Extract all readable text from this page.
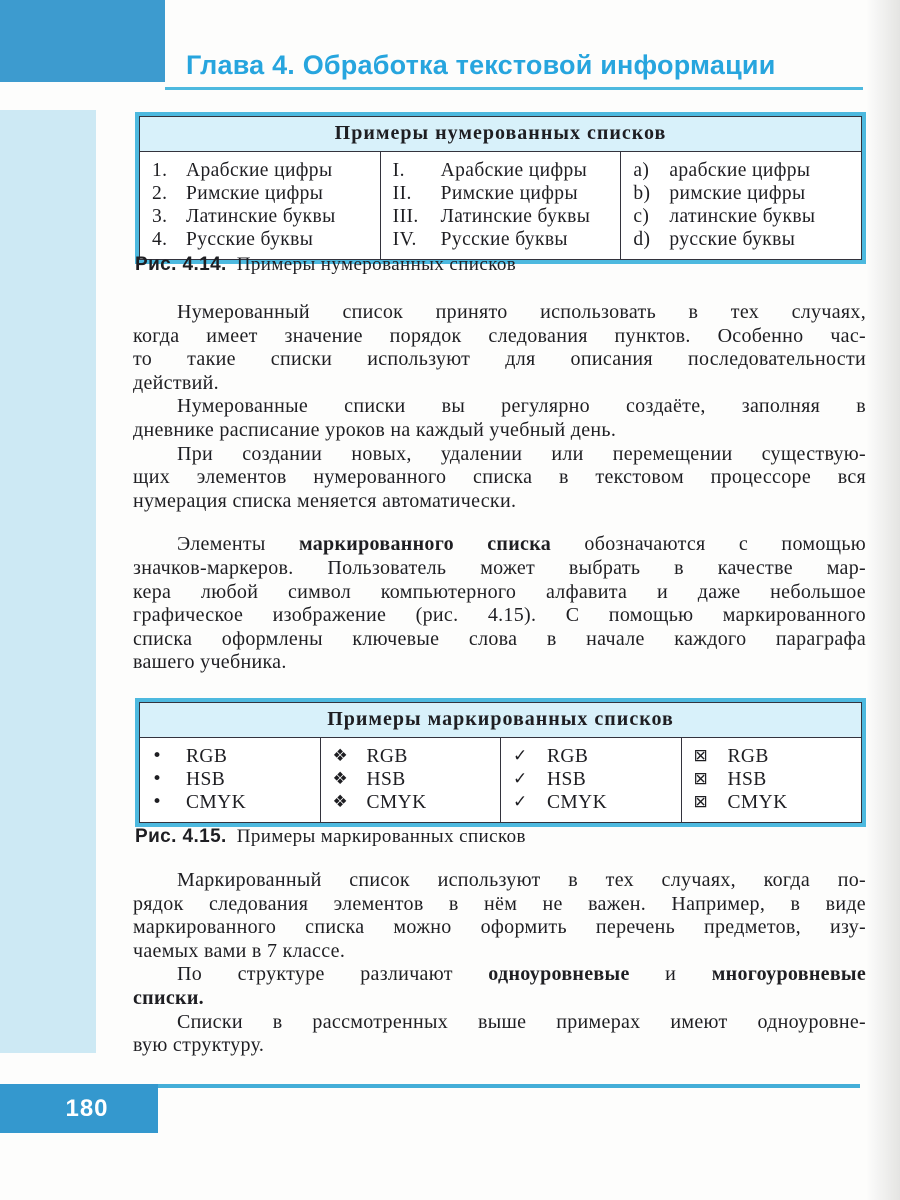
Глава 4. Обработка текстовой информации
Примеры нумерованных списков
1. Арабские цифры
2. Римские цифры
3. Латинские буквы
4. Русские буквы
I.	Арабские цифры
II.	Римские цифры
III.	Латинские буквы
IV.	Русские буквы
a)	арабские цифры
b) римские цифры
c)	латинские буквы
d) русские буквы
Рис. 4.14. Примеры нумерованных списков
Нумерованный список принято использовать в тех случаях,
когда имеет значение порядок следования пунктов. Особенно час-
то такие списки используют для описания последовательности
действий.
Нумерованные списки вы регулярно создаёте, заполняя в
дневнике расписание уроков на каждый учебный день.
При создании новых, удалении или перемещении существую-
щих элементов нумерованного списка в текстовом процессоре вся
нумерация списка меняется автоматически.
Элементы маркированного списка обозначаются с помощью
значков-маркеров. Пользователь может выбрать в качестве мар-
кера любой символ компьютерного алфавита и даже небольшое
графическое изображение (рис. 4.15). С помощью маркированного
списка оформлены ключевые слова в начале каждого параграфа
вашего учебника.
Примеры маркированных списков
•	RGB
•	HSB
•	CMYK
❖ RGB
❖ HSB
❖ CMYK
✓ RGB
✓ HSB
✓ CMYK
⊠ RGB
⊠ HSB
⊠ CMYK
Рис. 4.15. Примеры маркированных списков
Маркированный список используют в тех случаях, когда по-
рядок следования элементов в нём не важен. Например, в виде
маркированного списка можно оформить перечень предметов, изу-
чаемых вами в 7 классе.
По структуре различают одноуровневые и многоуровневые
списки.
Списки в рассмотренных выше примерах имеют одноуровне-
вую структуру.
180
